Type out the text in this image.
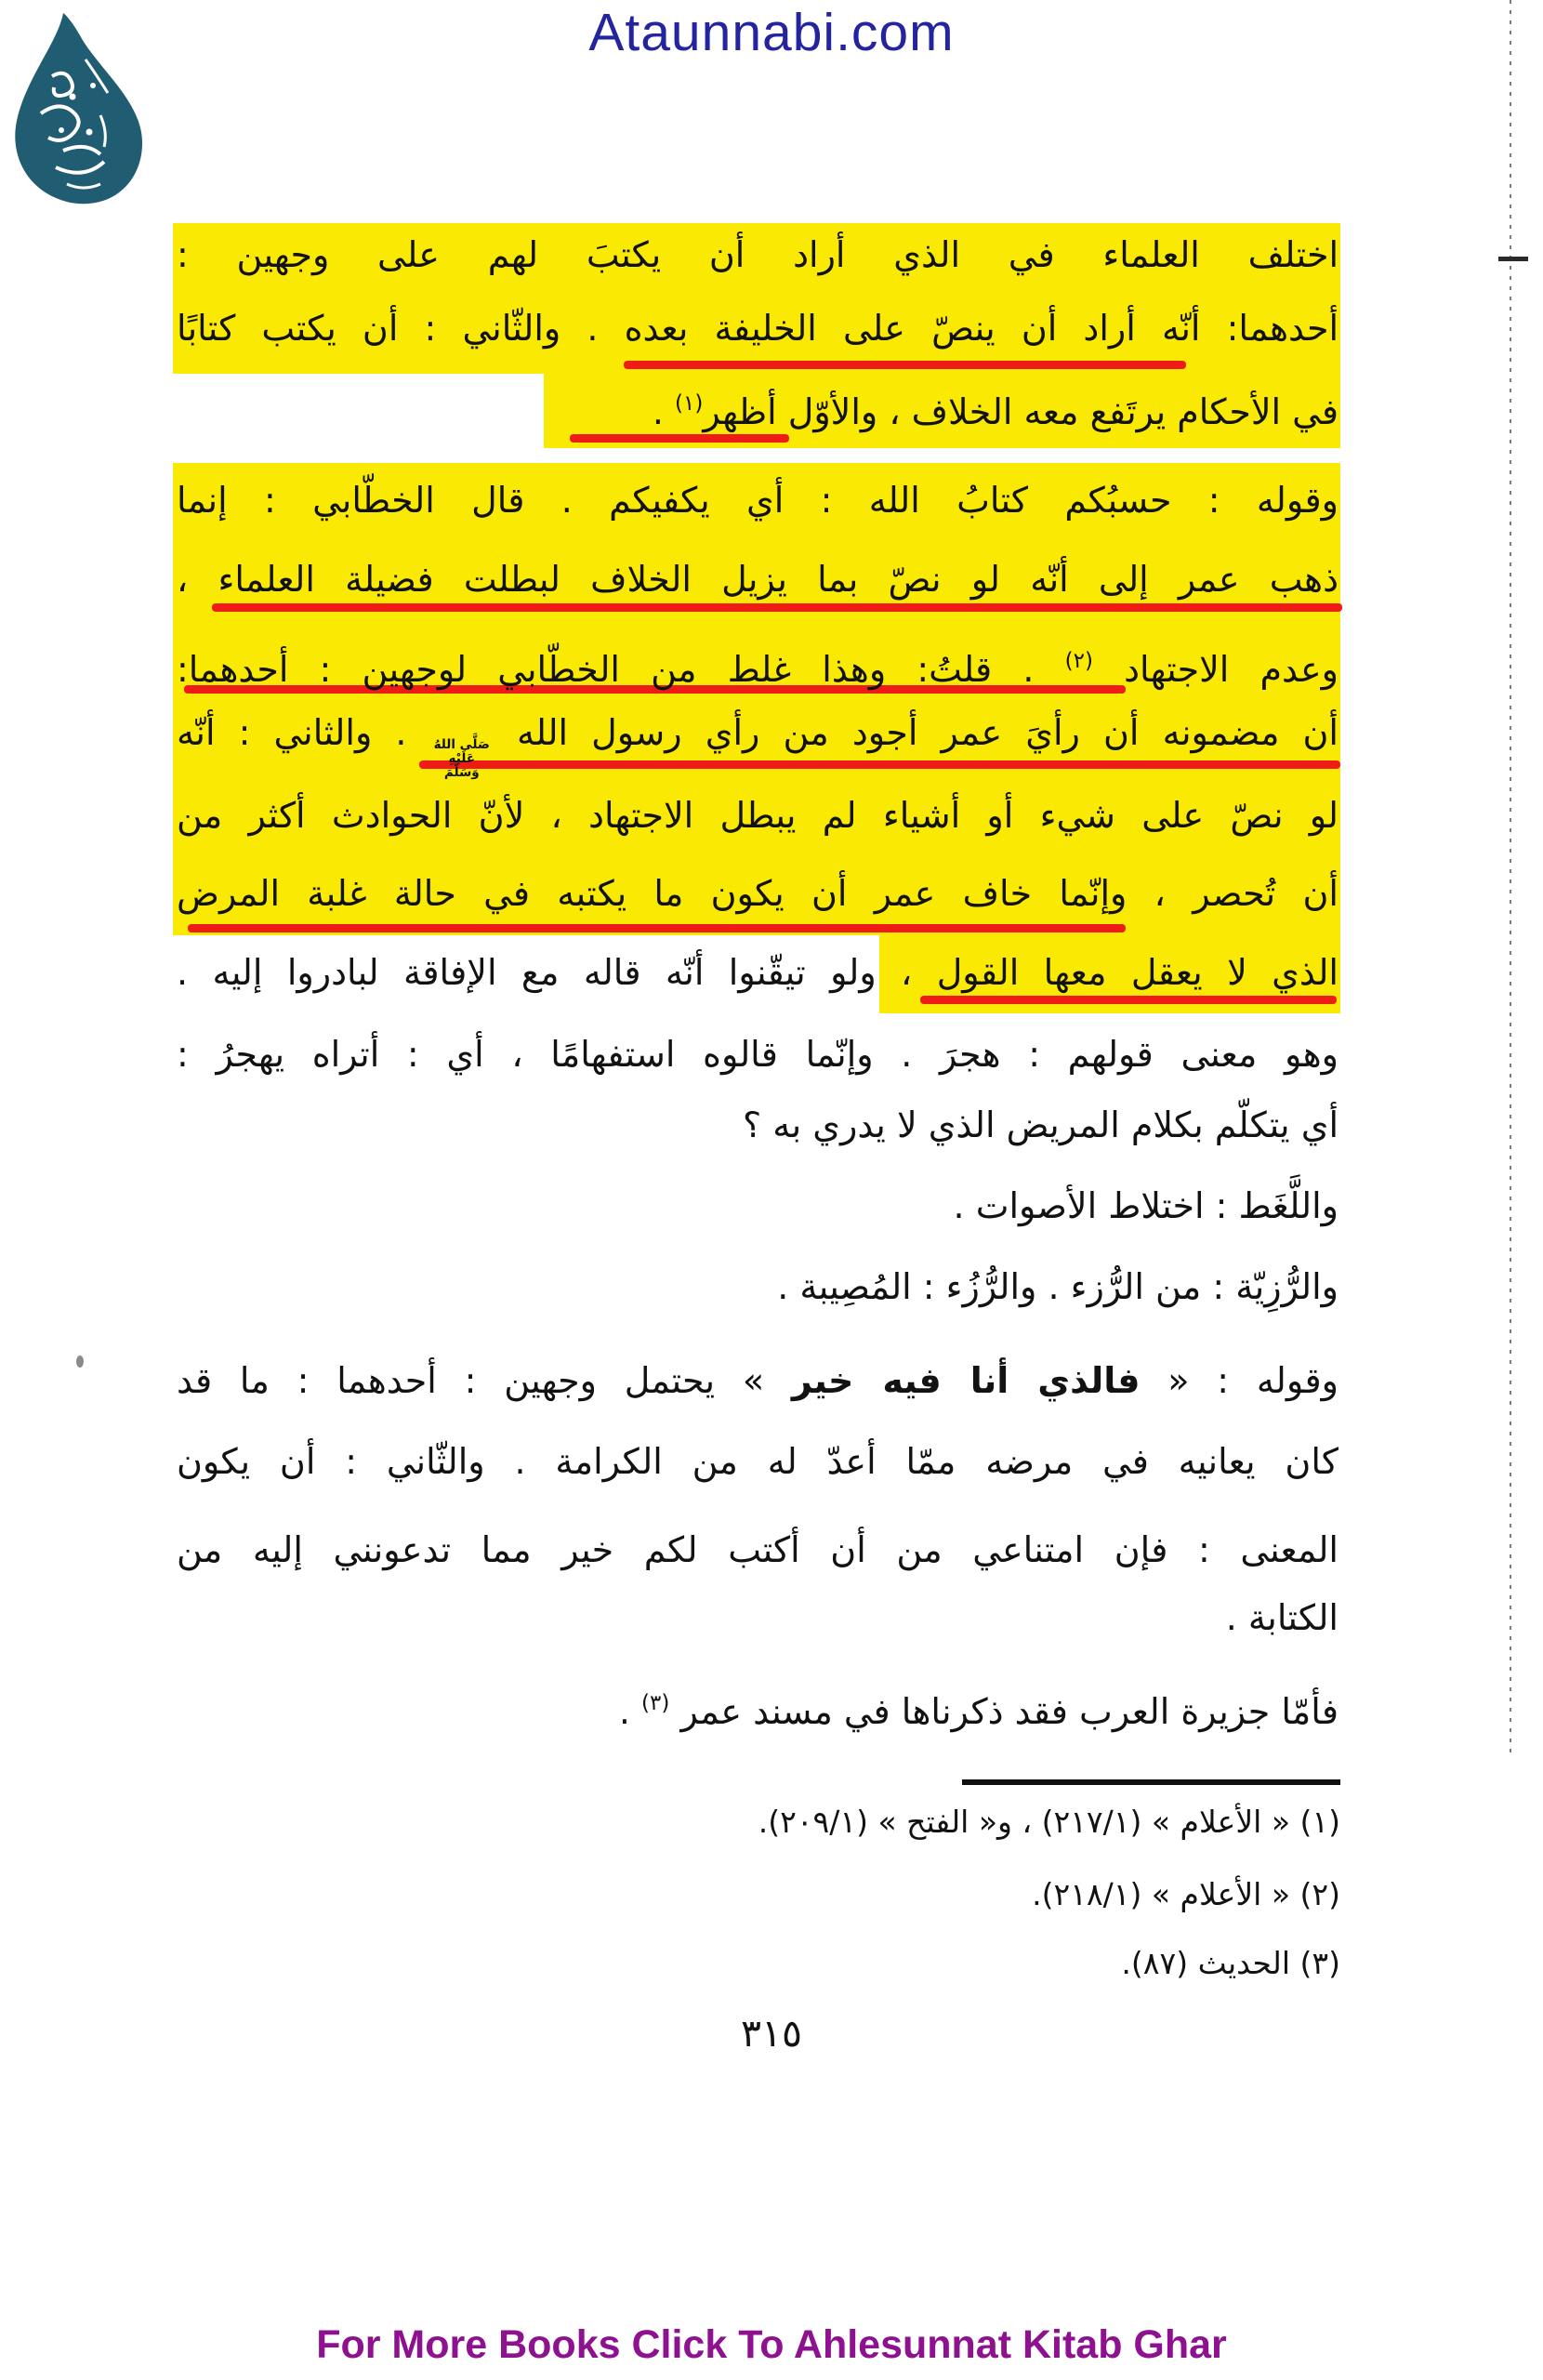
Ataunnabi.com
اختلف العلماء في الذي أراد أن يكتبَ لهم على وجهين :
أحدهما: أنّه أراد أن ينصّ على الخليفة بعده . والثّاني : أن يكتب كتابًا
في الأحكام يرتَفع معه الخلاف ، والأوّل أظهر$^{(١)}$ .
وقوله : حسبُكم كتابُ الله : أي يكفيكم . قال الخطّابي : إنما
ذهب عمر إلى أنّه لو نصّ بما يزيل الخلاف لبطلت فضيلة العلماء ،
وعدم الاجتهاد $^{(٢)}$ . قلتُ: وهذا غلط من الخطّابي لوجهين : أحدهما:
أن مضمونه أن رأيَ عمر أجود من رأي رسول الله
صَلَّى اللهُ
عَلَيْهِ
وَسَلَّمَ
. والثاني : أنّه
لو نصّ على شيء أو أشياء لم يبطل الاجتهاد ، لأنّ الحوادث أكثر من
أن تُحصر ، وإنّما خاف عمر أن يكون ما يكتبه في حالة غلبة المرض
الذي لا يعقل معها القول ، ولو تيقّنوا أنّه قاله مع الإفاقة لبادروا إليه .
وهو معنى قولهم : هجرَ . وإنّما قالوه استفهامًا ، أي : أتراه يهجرُ :
أي يتكلّم بكلام المريض الذي لا يدري به ؟
واللَّغَط : اختلاط الأصوات .
والرُّزِيّة : من الرُّزء . والرُّزُء : المُصِيبة .
وقوله : « فالذي أنا فيه خير » يحتمل وجهين : أحدهما : ما قد
كان يعانيه في مرضه ممّا أعدّ له من الكرامة . والثّاني : أن يكون
المعنى : فإن امتناعي من أن أكتب لكم خير مما تدعونني إليه من
الكتابة .
فأمّا جزيرة العرب فقد ذكرناها في مسند عمر $^{(٣)}$ .
(١) « الأعلام » (٢١٧/١) ، و« الفتح » (٢٠٩/١).
(٢) « الأعلام » (٢١٨/١).
(٣) الحديث (٨٧).
٣١٥
For More Books Click To Ahlesunnat Kitab Ghar
